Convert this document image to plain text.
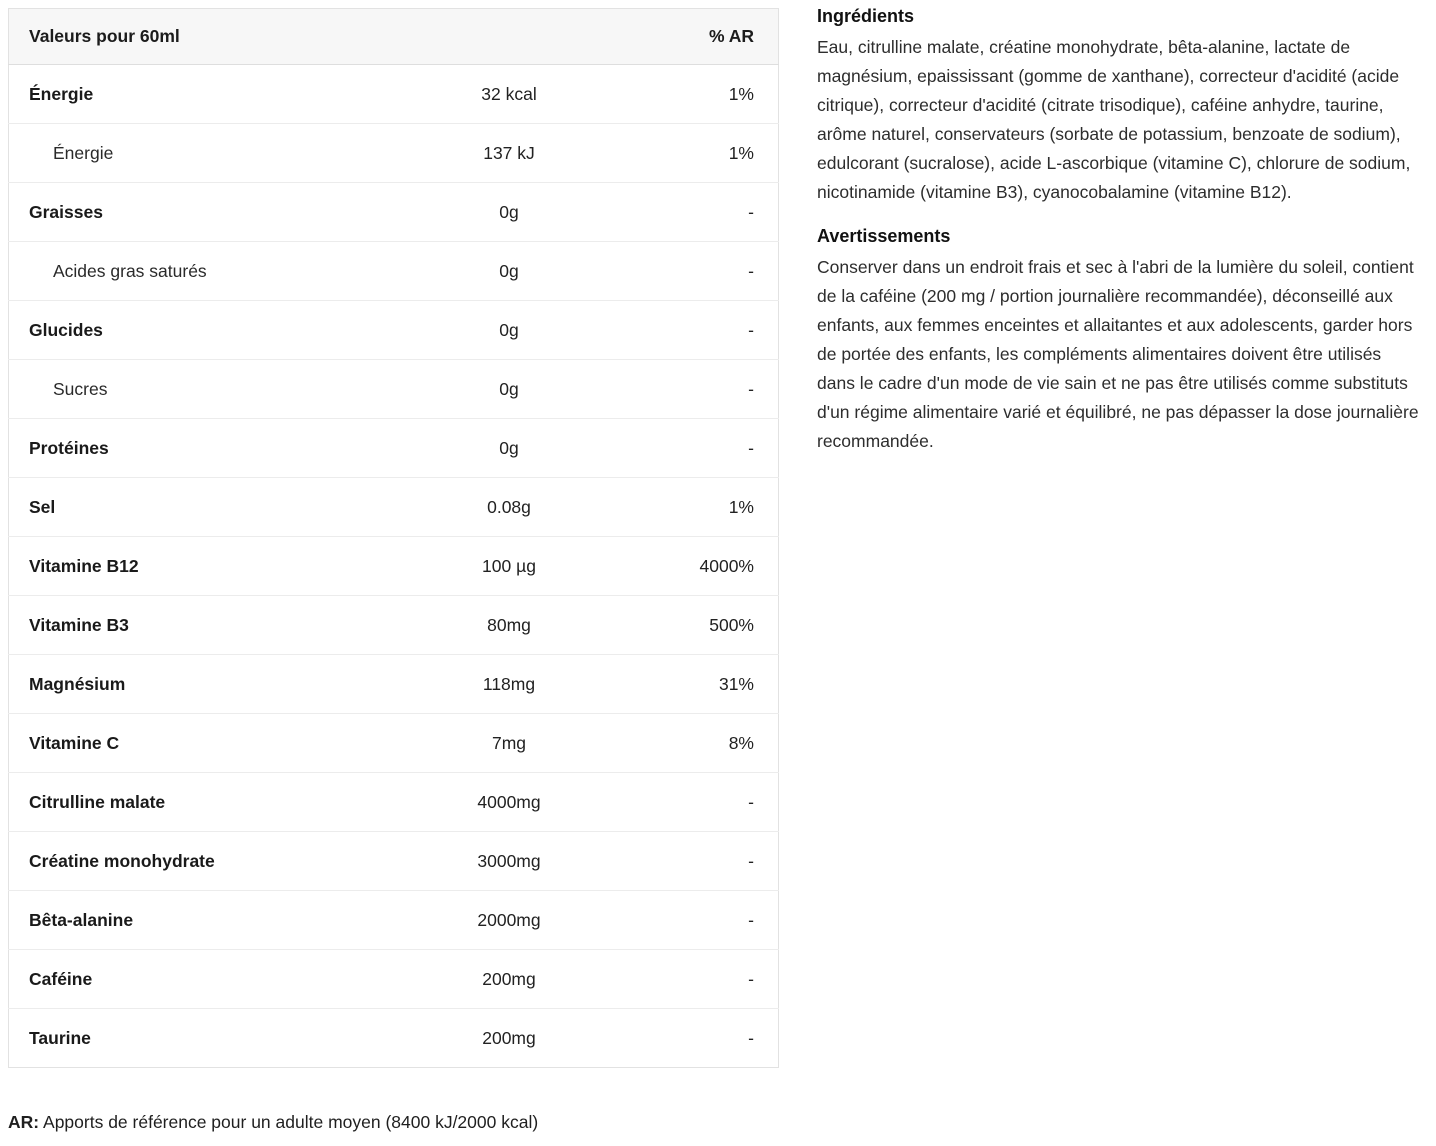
Valeurs pour 60ml		% AR
Énergie	32 kcal	1%
Énergie	137 kJ	1%
Graisses	0g	-
Acides gras saturés	0g	-
Glucides	0g	-
Sucres	0g	-
Protéines	0g	-
Sel	0.08g	1%
Vitamine B12	100 µg	4000%
Vitamine B3	80mg	500%
Magnésium	118mg	31%
Vitamine C	7mg	8%
Citrulline malate	4000mg	-
Créatine monohydrate	3000mg	-
Bêta-alanine	2000mg	-
Caféine	200mg	-
Taurine	200mg	-

AR: Apports de référence pour un adulte moyen (8400 kJ/2000 kcal)

Ingrédients

Eau, citrulline malate, créatine monohydrate, bêta-alanine, lactate de magnésium, epaississant (gomme de xanthane), correcteur d'acidité (acide citrique), correcteur d'acidité (citrate trisodique), caféine anhydre, taurine, arôme naturel, conservateurs (sorbate de potassium, benzoate de sodium), edulcorant (sucralose), acide L-ascorbique (vitamine C), chlorure de sodium, nicotinamide (vitamine B3), cyanocobalamine (vitamine B12).

Avertissements

Conserver dans un endroit frais et sec à l'abri de la lumière du soleil, contient de la caféine (200 mg / portion journalière recommandée), déconseillé aux enfants, aux femmes enceintes et allaitantes et aux adolescents, garder hors de portée des enfants, les compléments alimentaires doivent être utilisés dans le cadre d'un mode de vie sain et ne pas être utilisés comme substituts d'un régime alimentaire varié et équilibré, ne pas dépasser la dose journalière recommandée.
